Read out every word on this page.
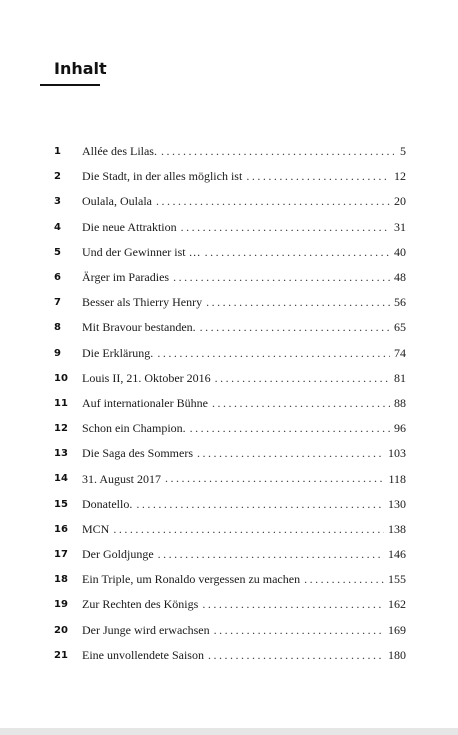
Inhalt
1 Allée des Lilas. .....	5
2 Die Stadt, in der alles möglich ist .....	12
3 Oulala, Oulala .....	20
4 Die neue Attraktion .....	31
5 Und der Gewinner ist … .....	40
6 Ärger im Paradies .....	48
7 Besser als Thierry Henry .....	56
8 Mit Bravour bestanden. .....	65
9 Die Erklärung. .....	74
10 Louis II, 21. Oktober 2016 .....	81
11 Auf internationaler Bühne .....	88
12 Schon ein Champion. .....	96
13 Die Saga des Sommers .....	103
14 31. August 2017 .....	118
15 Donatello. .....	130
16 MCN .....	138
17 Der Goldjunge .....	146
18 Ein Triple, um Ronaldo vergessen zu machen .....	155
19 Zur Rechten des Königs .....	162
20 Der Junge wird erwachsen .....	169
21 Eine unvollendete Saison .....	180
